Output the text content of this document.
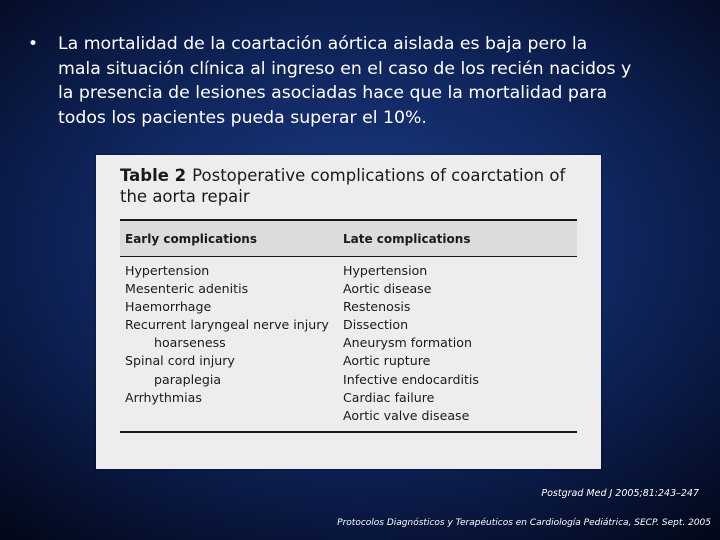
• La mortalidad de la coartación aórtica aislada es baja pero la
mala situación clínica al ingreso en el caso de los recién nacidos y
la presencia de lesiones asociadas hace que la mortalidad para
todos los pacientes pueda superar el 10%.
Table 2 Postoperative complications of coarctation of the aorta repair
Early complications	Late complications
Hypertension
Mesenteric adenitis
Haemorrhage
Recurrent laryngeal nerve injury
hoarseness
Spinal cord injury
paraplegia
Arrhythmias
Hypertension
Aortic disease
Restenosis
Dissection
Aneurysm formation
Aortic rupture
Infective endocarditis
Cardiac failure
Aortic valve disease
Postgrad Med J 2005;81:243–247
Protocolos Diagnósticos y Terapéuticos en Cardiología Pediátrica, SECP. Sept. 2005
